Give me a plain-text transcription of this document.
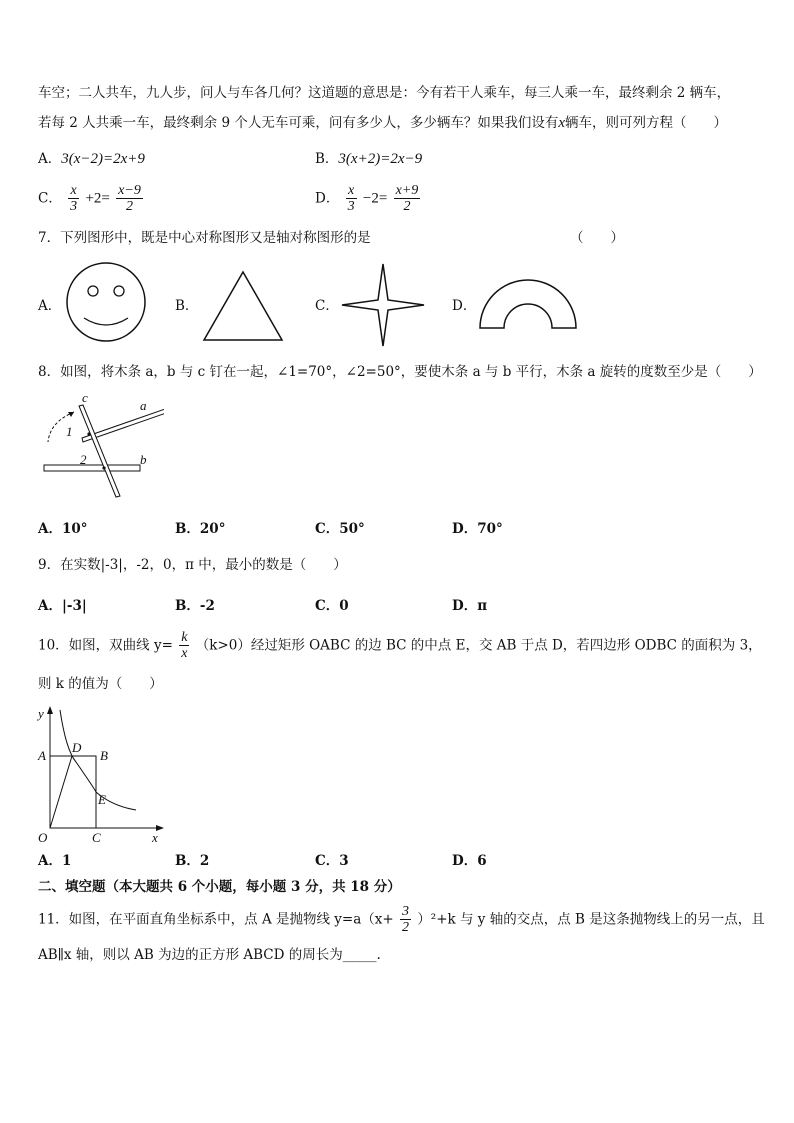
车空；二人共车，九人步，问人与车各几何？这道题的意思是：今有若干人乘车，每三人乘一车，最终剩余 2 辆车，
若每 2 人共乘一车，最终剩余 9 个人无车可乘，问有多少人，多少辆车？如果我们设有x辆车，则可列方程（　　）
A．3(x−2)=2x+9	B．3(x+2)=2x−9
C． $\frac{x}{3} +2= \frac{x-9}{2}$	D． $\frac{x}{3} -2= \frac{x+9}{2}$
7．下列图形中，既是中心对称图形又是轴对称图形的是	（　　）
A．	B．	C．	D．
8．如图，将木条 a，b 与 c 钉在一起，∠1=70°，∠2=50°，要使木条 a 与 b 平行，木条 a 旋转的度数至少是（　　）
c
a
b
1
2
A．10°	B．20°	C．50°	D．70°
9．在实数|-3|，-2，0，π 中，最小的数是（　　）
A．|-3|	B．-2	C．0	D．π
10．如图，双曲线 $y= \frac{k}{x} (k>0)$经过矩形 OABC 的边 BC 的中点 E，交 AB 于点 D，若四边形 ODBC 的面积为 3，
则 k 的值为（　　）
y
x
A
D
B
E
O	C
A．1	B．2	C．3	D．6
二、填空题（本大题共 6 个小题，每小题 3 分，共 18 分）
11．如图，在平面直角坐标系中，点 A 是抛物线 $y=a(x+ \frac{3}{2} )^2+k$ 与 y 轴的交点，点 B 是这条抛物线上的另一点，且
AB∥x 轴，则以 AB 为边的正方形 ABCD 的周长为_____.
